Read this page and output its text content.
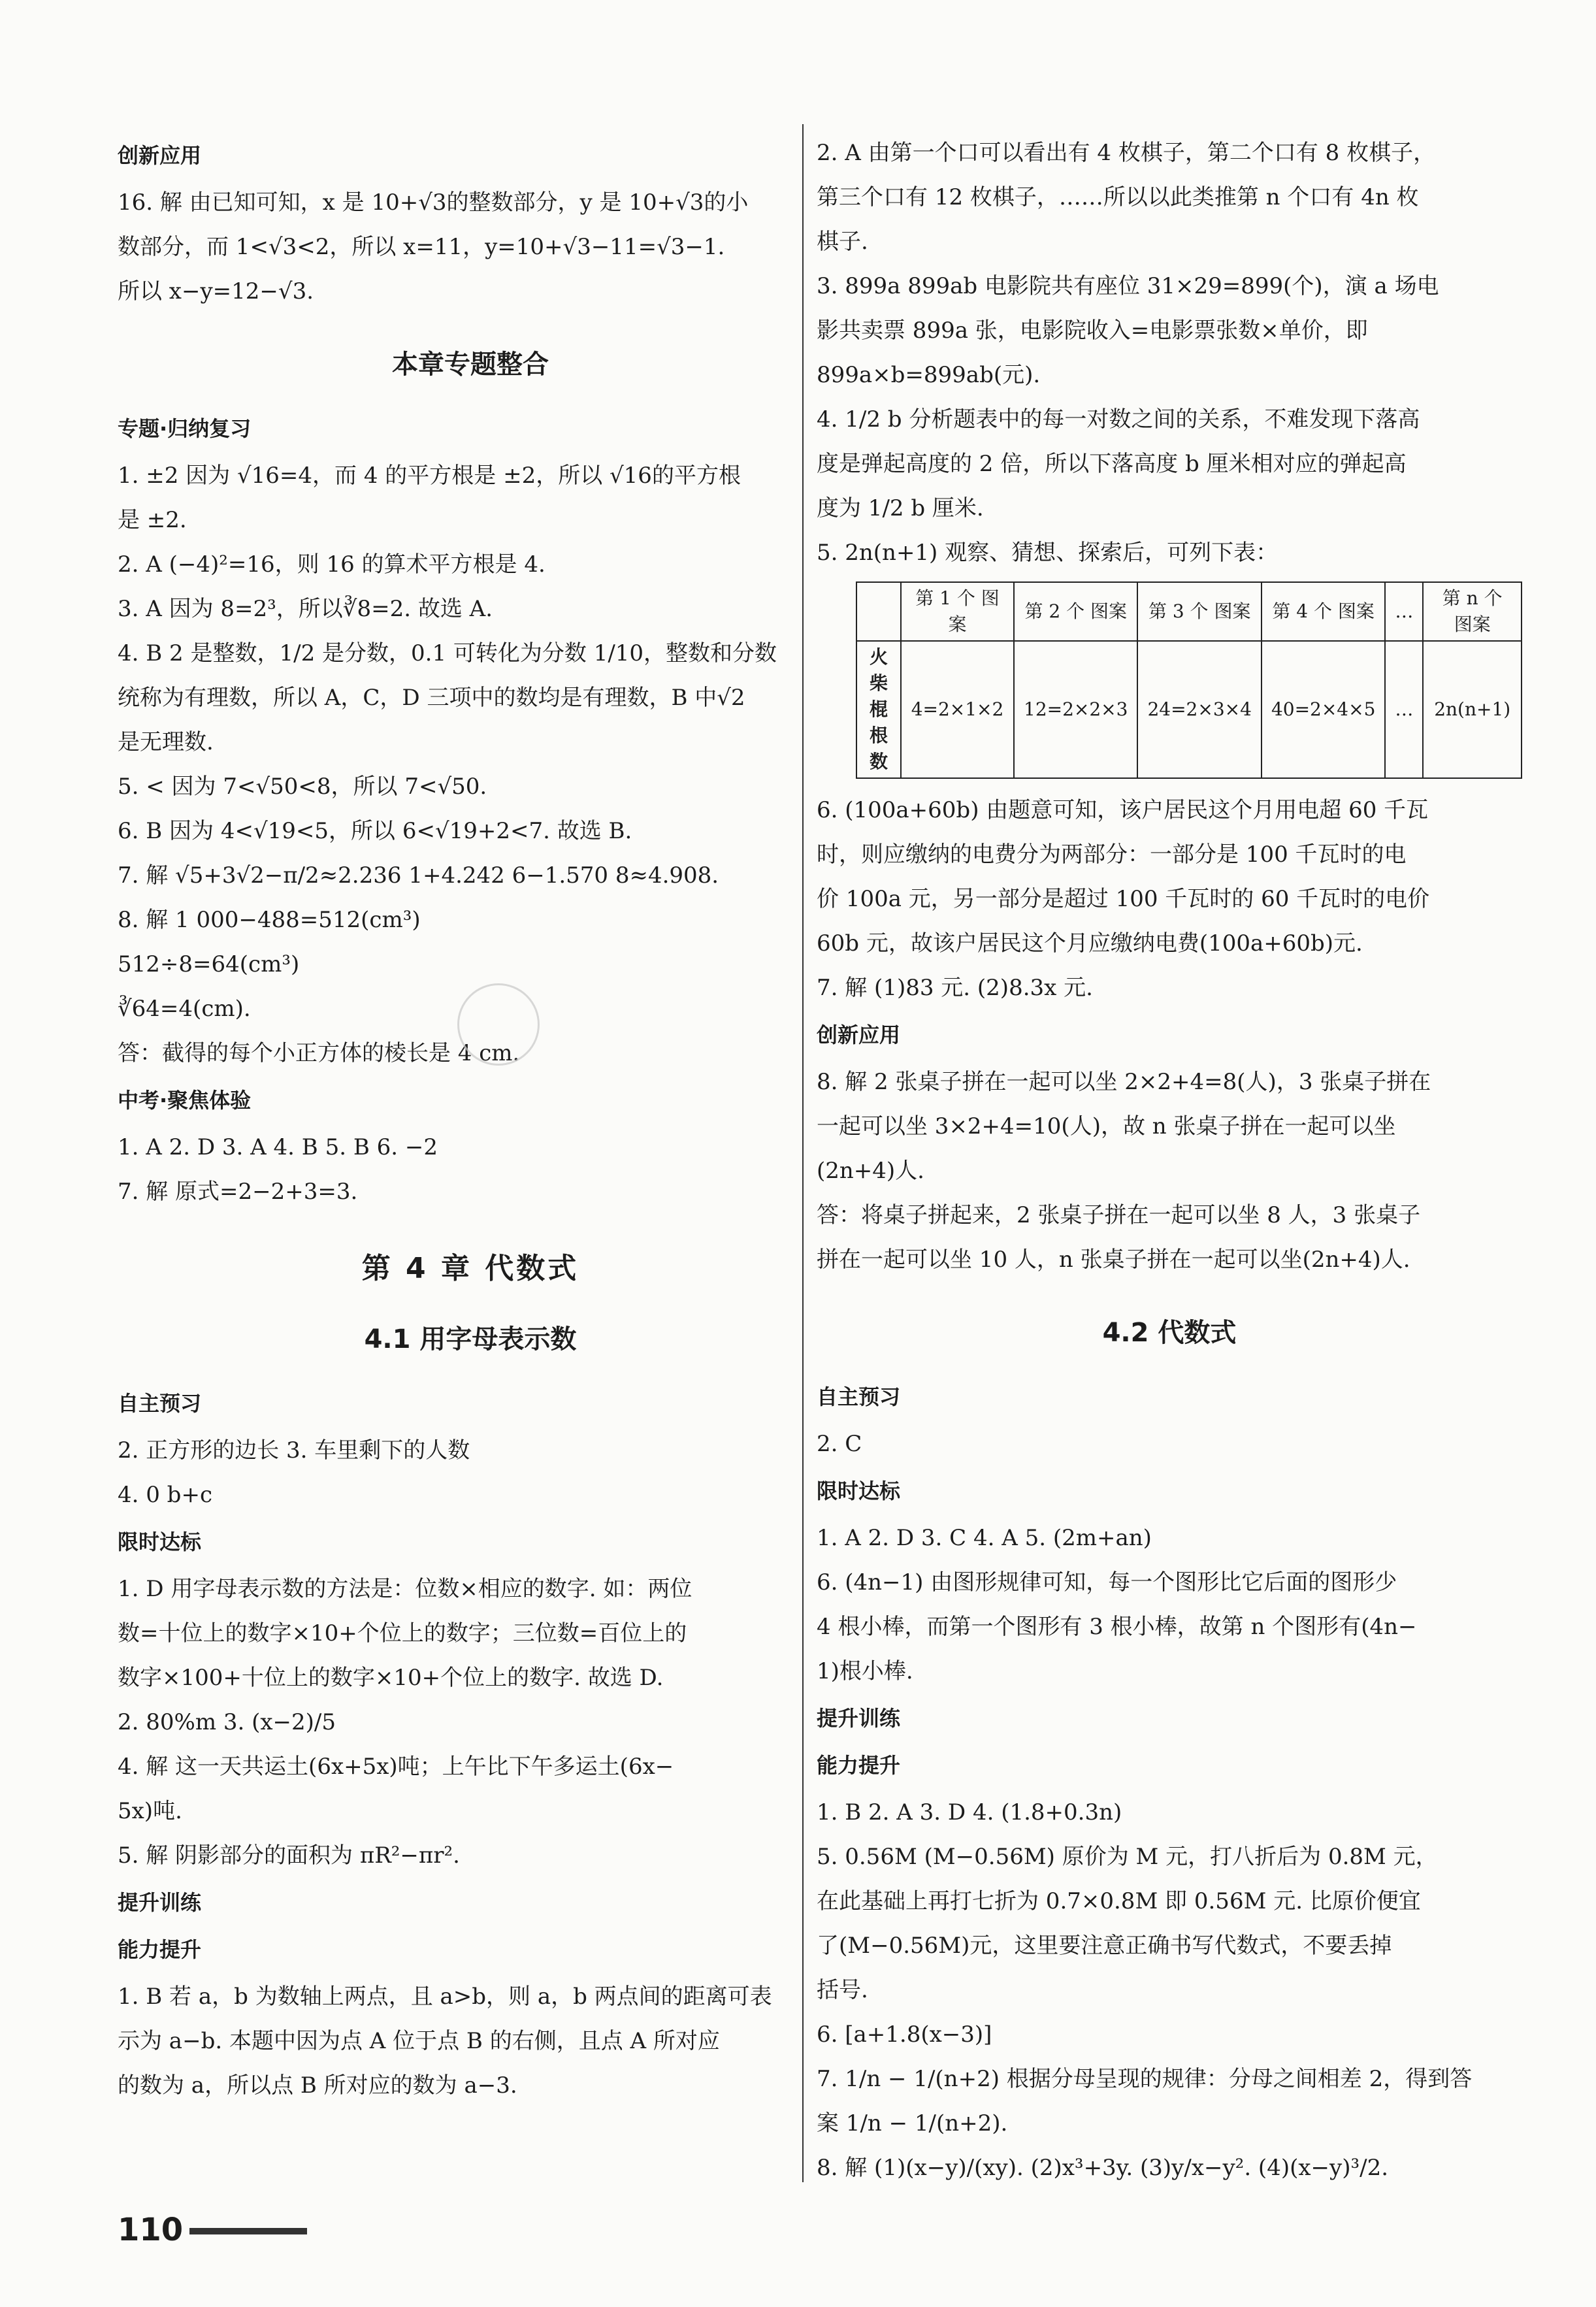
创新应用

16. 解 由已知可知，x 是 10+√3的整数部分，y 是 10+√3的小

数部分，而 1<√3<2，所以 x=11，y=10+√3−11=√3−1.

所以 x−y=12−√3.

本章专题整合
专题·归纳复习

1. ±2 因为 √16=4，而 4 的平方根是 ±2，所以 √16的平方根

是 ±2.

2. A (−4)²=16，则 16 的算术平方根是 4.

3. A 因为 8=2³，所以∛8=2. 故选 A.

4. B 2 是整数，1/2 是分数，0.1 可转化为分数 1/10，整数和分数

统称为有理数，所以 A，C，D 三项中的数均是有理数，B 中√2

是无理数.

5. < 因为 7<√50<8，所以 7<√50.

6. B 因为 4<√19<5，所以 6<√19+2<7. 故选 B.

7. 解 √5+3√2−π/2≈2.236 1+4.242 6−1.570 8≈4.908.

8. 解 1 000−488=512(cm³)

512÷8=64(cm³)

∛64=4(cm).

答：截得的每个小正方体的棱长是 4 cm.

中考·聚焦体验

1. A 2. D 3. A 4. B 5. B 6. −2

7. 解 原式=2−2+3=3.

第 4 章 代数式
4.1 用字母表示数
自主预习

2. 正方形的边长 3. 车里剩下的人数

4. 0 b+c

限时达标

1. D 用字母表示数的方法是：位数×相应的数字. 如：两位

数=十位上的数字×10+个位上的数字；三位数=百位上的

数字×100+十位上的数字×10+个位上的数字. 故选 D.

2. 80%m 3. (x−2)/5

4. 解 这一天共运土(6x+5x)吨；上午比下午多运土(6x−

5x)吨.

5. 解 阴影部分的面积为 πR²−πr².

提升训练
能力提升

1. B 若 a，b 为数轴上两点，且 a>b，则 a，b 两点间的距离可表

示为 a−b. 本题中因为点 A 位于点 B 的右侧，且点 A 所对应

的数为 a，所以点 B 所对应的数为 a−3.

2. A 由第一个口可以看出有 4 枚棋子，第二个口有 8 枚棋子，

第三个口有 12 枚棋子，……所以以此类推第 n 个口有 4n 枚

棋子.

3. 899a 899ab 电影院共有座位 31×29=899(个)，演 a 场电

影共卖票 899a 张，电影院收入=电影票张数×单价，即

899a×b=899ab(元).

4. 1/2 b 分析题表中的每一对数之间的关系，不难发现下落高

度是弹起高度的 2 倍，所以下落高度 b 厘米相对应的弹起高

度为 1/2 b 厘米.

5. 2n(n+1) 观察、猜想、探索后，可列下表：

	第 1 个 图案	第 2 个 图案	第 3 个 图案	第 4 个 图案	…	第 n 个 图案
火柴棍根数	4=2×1×2	12=2×2×3	24=2×3×4	40=2×4×5	…	2n(n+1)

6. (100a+60b) 由题意可知，该户居民这个月用电超 60 千瓦

时，则应缴纳的电费分为两部分：一部分是 100 千瓦时的电

价 100a 元，另一部分是超过 100 千瓦时的 60 千瓦时的电价

60b 元，故该户居民这个月应缴纳电费(100a+60b)元.

7. 解 (1)83 元. (2)8.3x 元.

创新应用

8. 解 2 张桌子拼在一起可以坐 2×2+4=8(人)，3 张桌子拼在

一起可以坐 3×2+4=10(人)，故 n 张桌子拼在一起可以坐

(2n+4)人.

答：将桌子拼起来，2 张桌子拼在一起可以坐 8 人，3 张桌子

拼在一起可以坐 10 人，n 张桌子拼在一起可以坐(2n+4)人.

4.2 代数式
自主预习

2. C

限时达标

1. A 2. D 3. C 4. A 5. (2m+an)

6. (4n−1) 由图形规律可知，每一个图形比它后面的图形少

4 根小棒，而第一个图形有 3 根小棒，故第 n 个图形有(4n−

1)根小棒.

提升训练
能力提升

1. B 2. A 3. D 4. (1.8+0.3n)

5. 0.56M (M−0.56M) 原价为 M 元，打八折后为 0.8M 元，

在此基础上再打七折为 0.7×0.8M 即 0.56M 元. 比原价便宜

了(M−0.56M)元，这里要注意正确书写代数式，不要丢掉

括号.

6. [a+1.8(x−3)]

7. 1/n − 1/(n+2) 根据分母呈现的规律：分母之间相差 2，得到答

案 1/n − 1/(n+2).

8. 解 (1)(x−y)/(xy). (2)x³+3y. (3)y/x−y². (4)(x−y)³/2.

110
